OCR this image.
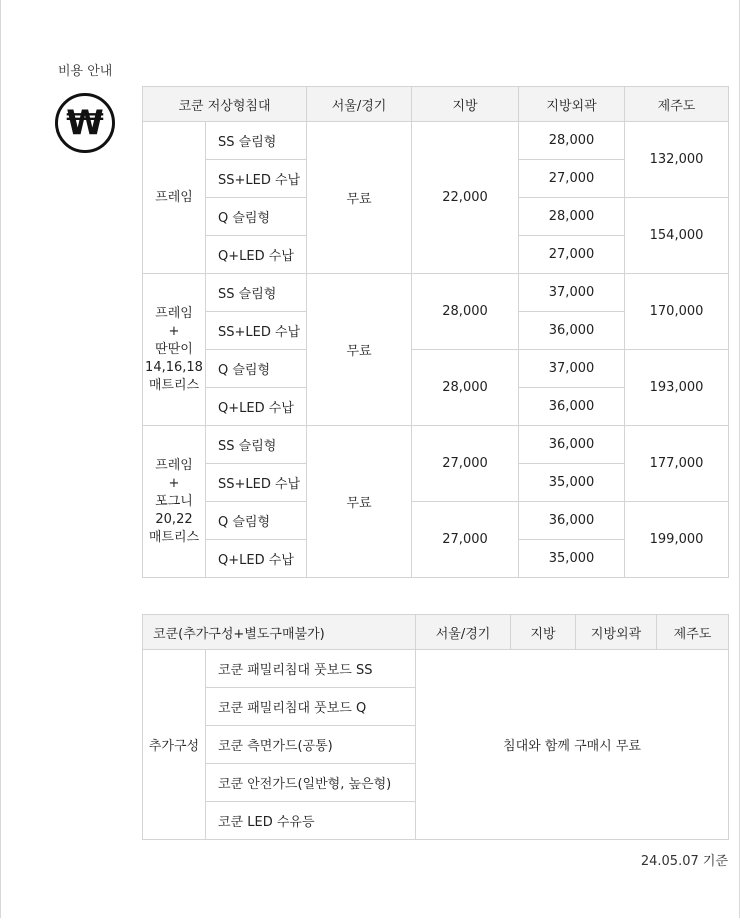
비용 안내
₩	코쿤 저상형침대		서울/경기	지방	지방외곽	제주도
프레임	SS 슬림형	무료	22,000	28,000	132,000
	SS+LED 수납			27,000	
	Q 슬림형			28,000	154,000
	Q+LED 수납			27,000	
프레임
+
딴딴이
14,16,18
매트리스	SS 슬림형	무료	28,000	37,000	170,000
	SS+LED 수납			36,000	
	Q 슬림형		28,000	37,000	193,000
	Q+LED 수납			36,000	
프레임
+
포그니
20,22
매트리스	SS 슬림형	무료	27,000	36,000	177,000
	SS+LED 수납			35,000	
	Q 슬림형		27,000	36,000	199,000
	Q+LED 수납			35,000	
코쿤(추가구성+별도구매불가)		서울/경기	지방	지방외곽	제주도
추가구성	코쿤 패밀리침대 풋보드 SS	침대와 함께 구매시 무료			
	코쿤 패밀리침대 풋보드 Q				
	코쿤 측면가드(공통)				
	코쿤 안전가드(일반형, 높은형)				
	코쿤 LED 수유등				
24.05.07 기준
